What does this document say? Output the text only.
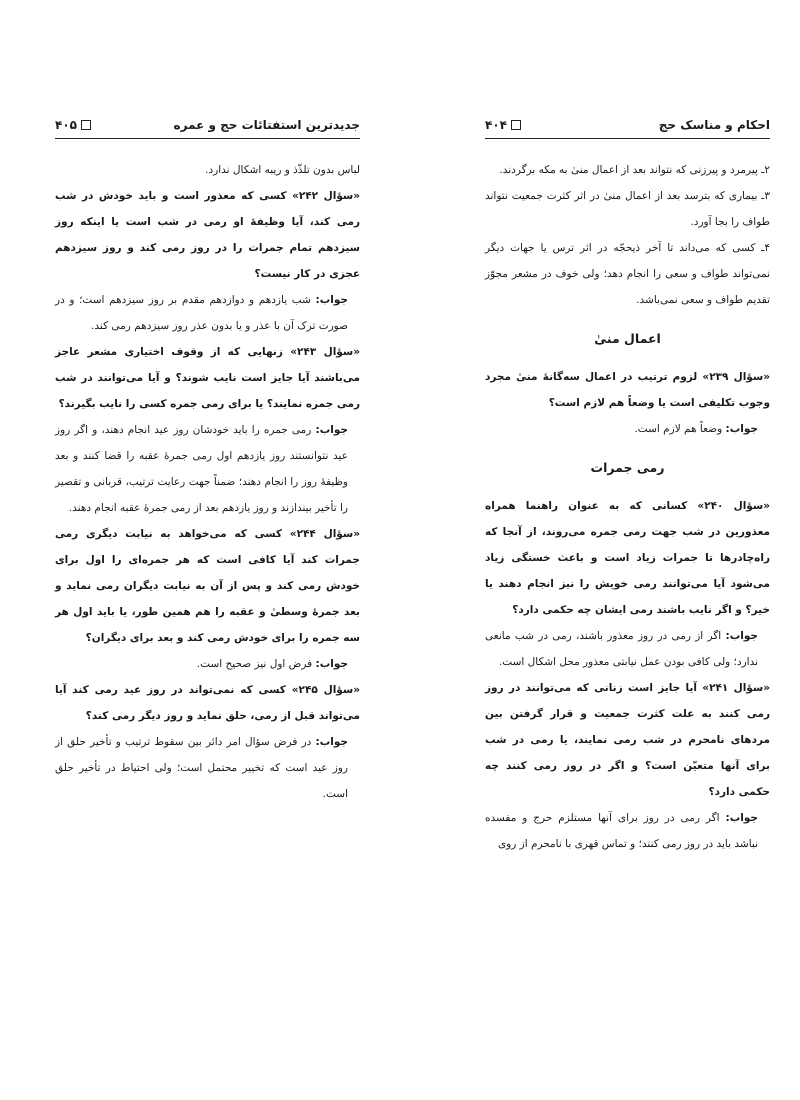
احکام و مناسک حج
۴۰۴

۲ـ پیرمرد و پیرزنی که نتواند بعد از اعمال منیٰ به مکه برگردند.

۳ـ بیماری که بترسد بعد از اعمال منیٰ در اثر کثرت جمعیت نتواند طواف را بجا آورد.

۴ـ کسی که می‌داند تا آخر ذیحجّه در اثر ترس یا جهات دیگر نمی‌تواند طواف و سعی را انجام دهد؛ ولی خوف در مشعر مجوّز تقدیم طواف و سعی نمی‌باشد.

اعمال منیٰ

«سؤال ۲۳۹» لزوم ترتیب در اعمال سه‌گانهٔ منیٰ مجرد وجوب تکلیفی است یا وضعاً هم لازم است؟

جواب: وضعاً هم لازم است.

رمی جمرات

«سؤال ۲۴۰» کسانی که به عنوان راهنما همراه معذورین در شب جهت رمی جمره می‌روند، از آنجا که راه‌چادرها تا جمرات زیاد است و باعث خستگی زیاد می‌شود آیا می‌توانند رمی خویش را نیز انجام دهند یا خیر؟ و اگر نایب باشند رمی ایشان چه حکمی دارد؟

جواب: اگر از رمی در روز معذور باشند، رمی در شب مانعی ندارد؛ ولی کافی بودن عمل نیابتی معذور محل اشکال است.

«سؤال ۲۴۱» آیا جایز است زنانی که می‌توانند در روز رمی کنند به علت کثرت جمعیت و قرار گرفتن بین مردهای نامحرم در شب رمی نمایند، یا رمی در شب برای آنها متعیّن است؟ و اگر در روز رمی کنند چه حکمی دارد؟

جواب: اگر رمی در روز برای آنها مستلزم حرج و مفسده نباشد باید در روز رمی کنند؛ و تماس قهری با نامحرم از روی

جدیدترین استفتائات حج و عمره
۴۰۵

لباس بدون تلذّذ و ریبه اشکال ندارد.

«سؤال ۲۴۲» کسی که معذور است و باید خودش در شب رمی کند، آیا وظیفهٔ او رمی در شب است یا اینکه روز سیزدهم تمام جمرات را در روز رمی کند و روز سیزدهم عجزی در کار نیست؟

جواب: شب یازدهم و دوازدهم مقدم بر روز سیزدهم است؛ و در صورت ترک آن با عذر و یا بدون عذر روز سیزدهم رمی کند.

«سؤال ۲۴۳» زنهایی که از وقوف اختیاری مشعر عاجز می‌باشند آیا جایز است نایب شوند؟ و آیا می‌توانند در شب رمی جمره نمایند؟ یا برای رمی جمره کسی را نایب بگیرند؟

جواب: رمی جمره را باید خودشان روز عید انجام دهند، و اگر روز عید نتوانستند روز یازدهم اول رمی جمرهٔ عقبه را قضا کنند و بعد وظیفهٔ روز را انجام دهند؛ ضمناً جهت رعایت ترتیب، قربانی و تقصیر را تأخیر بیندازند و روز یازدهم بعد از رمی جمرهٔ عقبه انجام دهند.

«سؤال ۲۴۴» کسی که می‌خواهد به نیابت دیگری رمی جمرات کند آیا کافی است که هر جمره‌ای را اول برای خودش رمی کند و پس از آن به نیابت دیگران رمی نماید و بعد جمرهٔ وسطیٰ و عقبه را هم همین طور، یا باید اول هر سه جمره را برای خودش رمی کند و بعد برای دیگران؟

جواب: فرض اول نیز صحیح است.

«سؤال ۲۴۵» کسی که نمی‌تواند در روز عید رمی کند آیا می‌تواند قبل از رمی، حلق نماید و روز دیگر رمی کند؟

جواب: در فرض سؤال امر دائر بین سقوط ترتیب و تأخیر حلق از روز عید است که تخییر محتمل است؛ ولی احتیاط در تأخیر حلق است.
